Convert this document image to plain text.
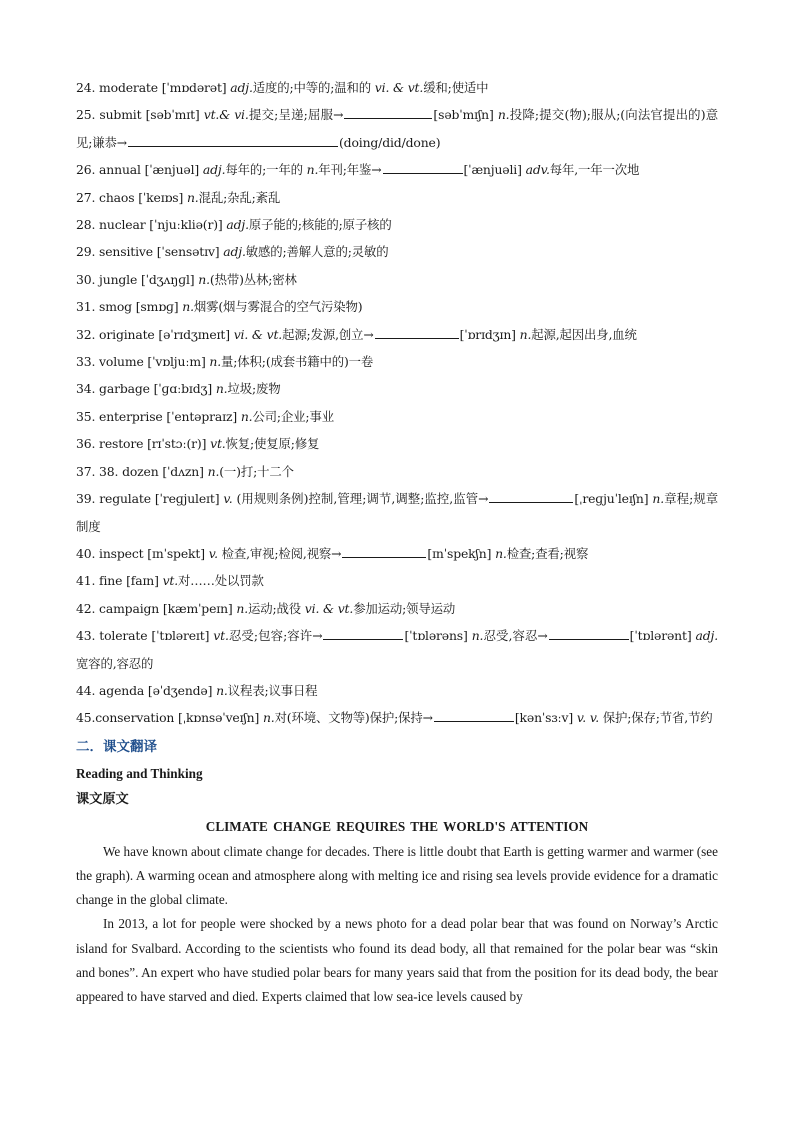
24. moderate [ˈmɒdərət] adj.适度的;中等的;温和的 vi. & vt.缓和;使适中
25. submit [səbˈmɪt] vt.& vi.提交;呈递;屈服→	[səbˈmɪʃn] n.投降;提交(物);服从;(向法官提出的)意见;谦恭→	(doing/did/done)
26. annual [ˈænjuəl] adj.每年的;一年的 n.年刊;年鉴→	[ˈænjuəli] adv.每年,一年一次地
27. chaos [ˈkeɪɒs] n.混乱;杂乱;紊乱
28. nuclear [ˈnjuːkliə(r)] adj.原子能的;核能的;原子核的
29. sensitive [ˈsensətɪv] adj.敏感的;善解人意的;灵敏的
30. jungle [ˈdʒʌŋɡl] n.(热带)丛林;密林
31. smog [smɒɡ] n.烟雾(烟与雾混合的空气污染物)
32. originate [əˈrɪdʒɪneɪt] vi. & vt.起源;发源,创立→	[ˈɒrɪdʒɪn] n.起源,起因出身,血统
33. volume [ˈvɒljuːm] n.量;体积;(成套书籍中的)一卷
34. garbage [ˈɡɑːbɪdʒ] n.垃圾;废物
35. enterprise [ˈentəpraɪz] n.公司;企业;事业
36. restore [rɪˈstɔː(r)] vt.恢复;使复原;修复
37. 38. dozen [ˈdʌzn] n.(一)打;十二个
39. regulate [ˈreɡjuleɪt] v. (用规则条例)控制,管理;调节,调整;监控,监管→	[ˌreɡjuˈleɪʃn] n.章程;规章制度
40. inspect [ɪnˈspekt] v. 检查,审视;检阅,视察→	[ɪnˈspekʃn] n.检查;查看;视察
41. fine [faɪn] vt.对……处以罚款
42. campaign [kæmˈpeɪn] n.运动;战役 vi. & vt.参加运动;领导运动
43. tolerate [ˈtɒləreɪt] vt.忍受;包容;容许→	[ˈtɒlərəns] n.忍受,容忍→	[ˈtɒlərənt] adj.宽容的,容忍的
44. agenda [əˈdʒendə] n.议程表;议事日程
45.conservation [ˌkɒnsəˈveɪʃn] n.对(环境、文物等)保护;保持→	[kənˈsɜːv] v. v. 保护;保存;节省,节约
二．课文翻译
Reading and Thinking
课文原文
CLIMATE CHANGE REQUIRES THE WORLD'S ATTENTION

We have known about climate change for decades. There is little doubt that Earth is getting warmer and warmer (see the graph). A warming ocean and atmosphere along with melting ice and rising sea levels provide evidence for a dramatic change in the global climate.

In 2013, a lot for people were shocked by a news photo for a dead polar bear that was found on Norway’s Arctic island for Svalbard. According to the scientists who found its dead body, all that remained for the polar bear was “skin and bones”. An expert who have studied polar bears for many years said that from the position for its dead body, the bear appeared to have starved and died. Experts claimed that low sea-ice levels caused by
